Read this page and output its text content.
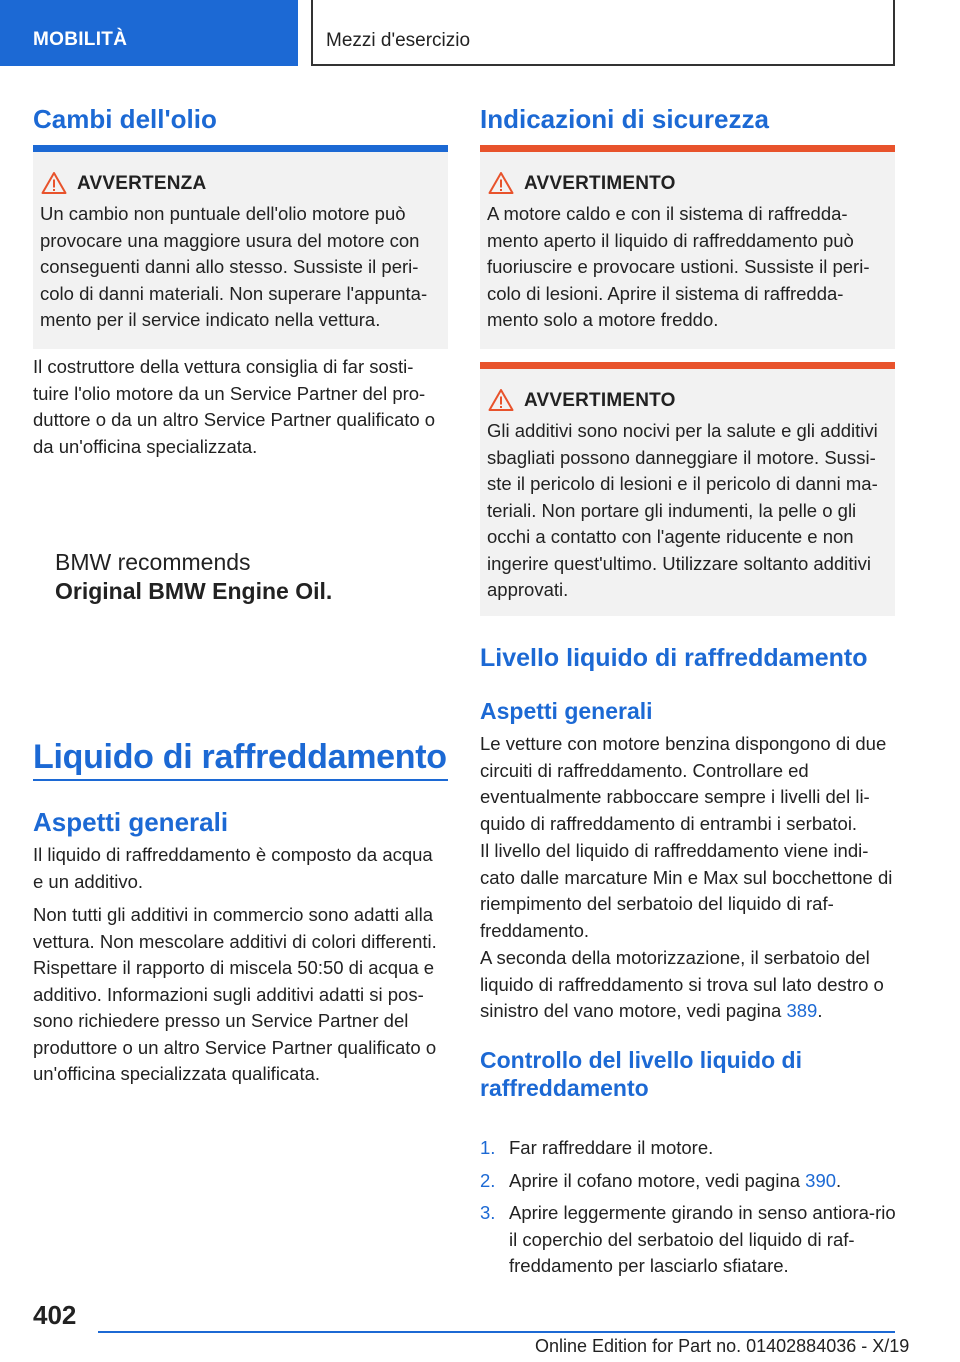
MOBILITÀ	Mezzi d'esercizio
Cambi dell'olio
AVVERTENZA
Un cambio non puntuale dell'olio motore può provocare una maggiore usura del motore con conseguenti danni allo stesso. Sussiste il peri-colo di danni materiali. Non superare l'appunta-mento per il service indicato nella vettura.
Il costruttore della vettura consiglia di far sosti-tuire l'olio motore da un Service Partner del pro-duttore o da un altro Service Partner qualificato o da un'officina specializzata.
BMW recommends
Original BMW Engine Oil.
Liquido di raffreddamento
Aspetti generali
Il liquido di raffreddamento è composto da acqua e un additivo.
Non tutti gli additivi in commercio sono adatti alla vettura. Non mescolare additivi di colori differenti. Rispettare il rapporto di miscela 50:50 di acqua e additivo. Informazioni sugli additivi adatti si pos-sono richiedere presso un Service Partner del produttore o un altro Service Partner qualificato o un'officina specializzata qualificata.
Indicazioni di sicurezza
AVVERTIMENTO
A motore caldo e con il sistema di raffredda-mento aperto il liquido di raffreddamento può fuoriuscire e provocare ustioni. Sussiste il peri-colo di lesioni. Aprire il sistema di raffredda-mento solo a motore freddo.
AVVERTIMENTO
Gli additivi sono nocivi per la salute e gli additivi sbagliati possono danneggiare il motore. Sussi-ste il pericolo di lesioni e il pericolo di danni ma-teriali. Non portare gli indumenti, la pelle o gli occhi a contatto con l'agente riducente e non ingerire quest'ultimo. Utilizzare soltanto additivi approvati.
Livello liquido di raffreddamento
Aspetti generali
Le vetture con motore benzina dispongono di due circuiti di raffreddamento. Controllare ed eventualmente rabboccare sempre i livelli del li-quido di raffreddamento di entrambi i serbatoi.
Il livello del liquido di raffreddamento viene indi-cato dalle marcature Min e Max sul bocchettone di riempimento del serbatoio del liquido di raf-freddamento.
A seconda della motorizzazione, il serbatoio del liquido di raffreddamento si trova sul lato destro o sinistro del vano motore, vedi pagina 389.
Controllo del livello liquido di raffreddamento
1. Far raffreddare il motore.
2. Aprire il cofano motore, vedi pagina 390.
3. Aprire leggermente girando in senso antiora-rio il coperchio del serbatoio del liquido di raf-freddamento per lasciarlo sfiatare.
402
Online Edition for Part no. 01402884036 - X/19
